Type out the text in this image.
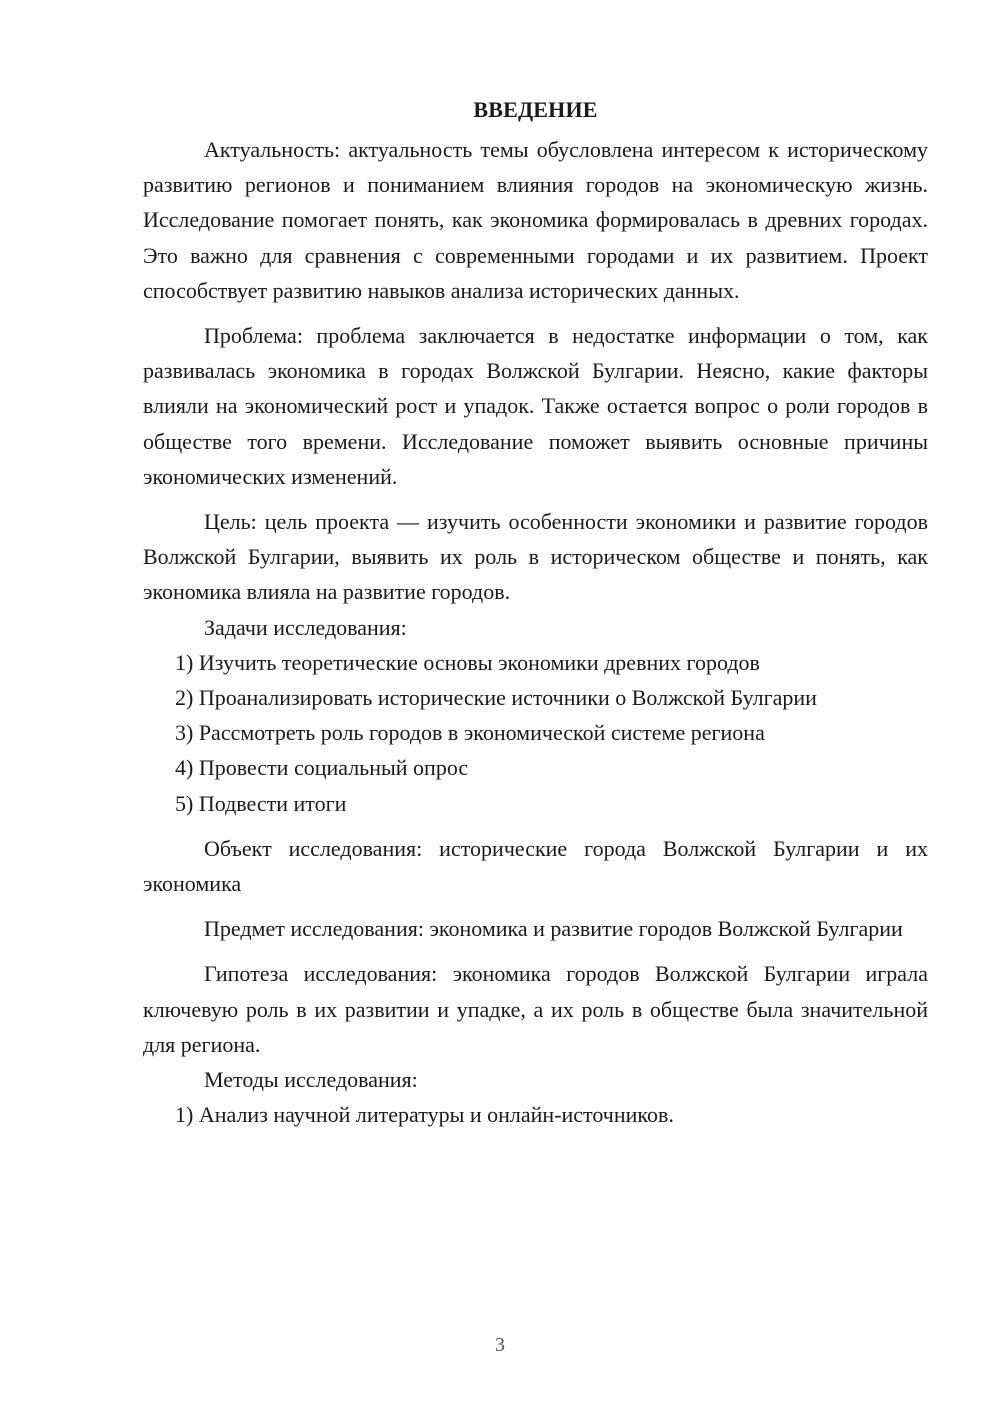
ВВЕДЕНИЕ

Актуальность: актуальность темы обусловлена интересом к историческому развитию регионов и пониманием влияния городов на экономическую жизнь. Исследование помогает понять, как экономика формировалась в древних городах. Это важно для сравнения с современными городами и их развитием. Проект способствует развитию навыков анализа исторических данных.

Проблема: проблема заключается в недостатке информации о том, как развивалась экономика в городах Волжской Булгарии. Неясно, какие факторы влияли на экономический рост и упадок. Также остается вопрос о роли городов в обществе того времени. Исследование поможет выявить основные причины экономических изменений.

Цель: цель проекта — изучить особенности экономики и развитие городов Волжской Булгарии, выявить их роль в историческом обществе и понять, как экономика влияла на развитие городов.

Задачи исследования:

1) Изучить теоретические основы экономики древних городов
2) Проанализировать исторические источники о Волжской Булгарии
3) Рассмотреть роль городов в экономической системе региона
4) Провести социальный опрос
5) Подвести итоги

Объект исследования: исторические города Волжской Булгарии и их экономика

Предмет исследования: экономика и развитие городов Волжской Булгарии

Гипотеза исследования: экономика городов Волжской Булгарии играла ключевую роль в их развитии и упадке, а их роль в обществе была значительной для региона.

Методы исследования:

1) Анализ научной литературы и онлайн-источников.
3
